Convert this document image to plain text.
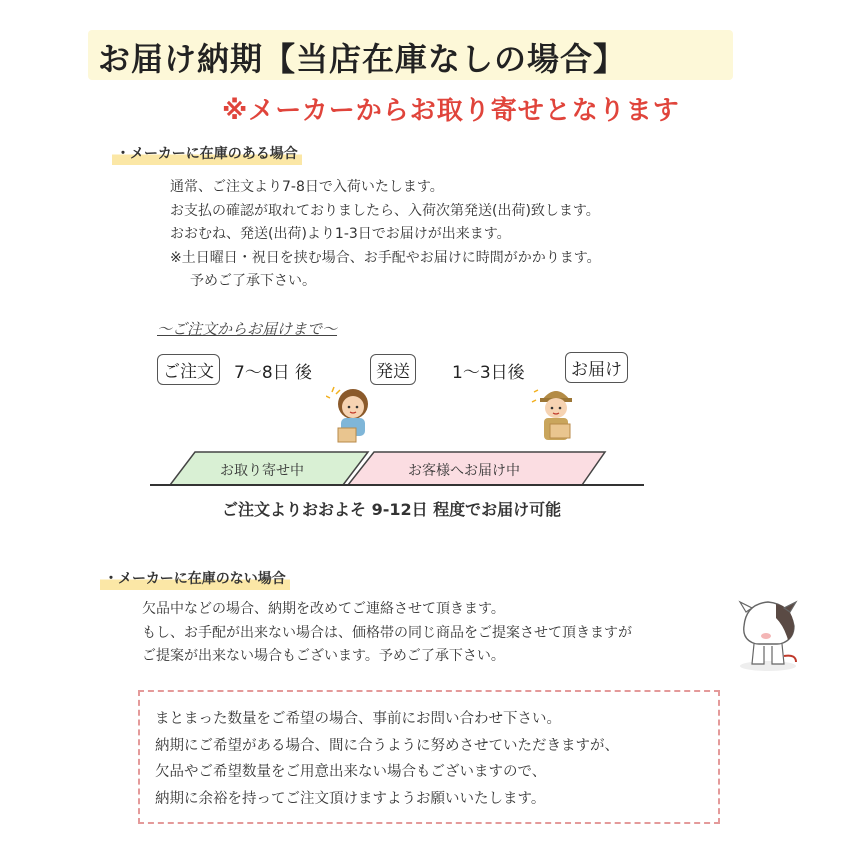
お届け納期【当店在庫なしの場合】
※メーカーからお取り寄せとなります
・メーカーに在庫のある場合
通常、ご注文より7-8日で入荷いたします。
お支払の確認が取れておりましたら、入荷次第発送(出荷)致します。
おおむね、発送(出荷)より1-3日でお届けが出来ます。
※土日曜日・祝日を挟む場合、お手配やお届けに時間がかかります。
予めご了承下さい。
～ご注文からお届けまで～
ご注文	7～8日 後	発送	1～3日後	お届け
お取り寄せ中	お客様へお届け中
ご注文よりおおよそ 9-12日 程度でお届け可能
・メーカーに在庫のない場合
欠品中などの場合、納期を改めてご連絡させて頂きます。
もし、お手配が出来ない場合は、価格帯の同じ商品をご提案させて頂きますが
ご提案が出来ない場合もございます。予めご了承下さい。
まとまった数量をご希望の場合、事前にお問い合わせ下さい。
納期にご希望がある場合、間に合うように努めさせていただきますが、
欠品やご希望数量をご用意出来ない場合もございますので、
納期に余裕を持ってご注文頂けますようお願いいたします。
